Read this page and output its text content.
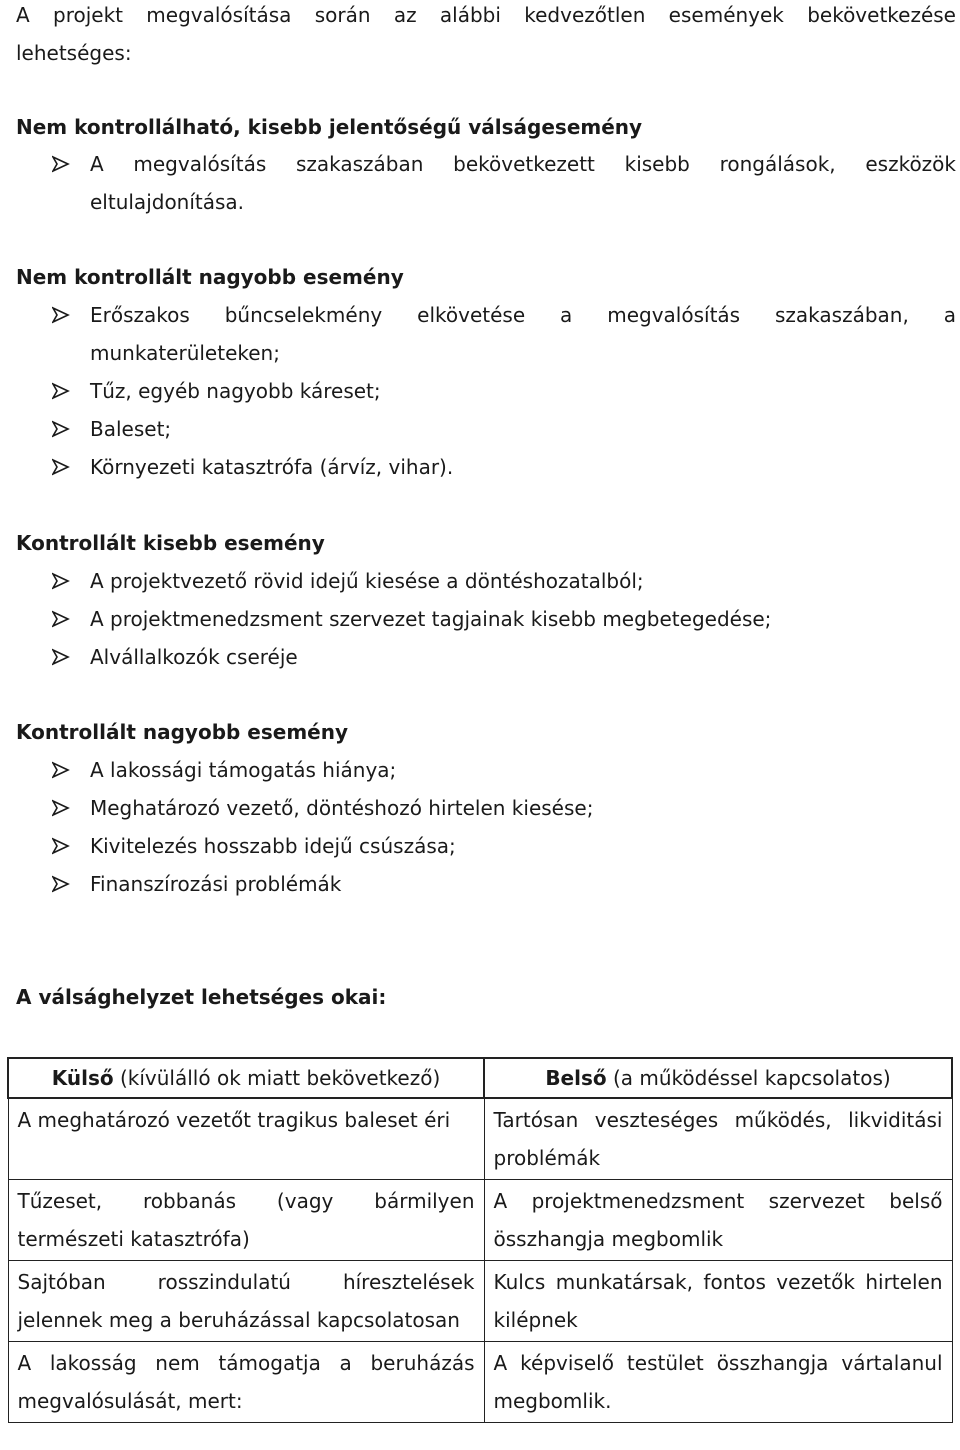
A projekt megvalósítása során az alábbi kedvezőtlen események bekövetkezése
lehetséges:
Nem kontrollálható, kisebb jelentőségű válságesemény
A megvalósítás szakaszában bekövetkezett kisebb rongálások, eszközök
eltulajdonítása.
Nem kontrollált nagyobb esemény
Erőszakos bűncselekmény elkövetése a megvalósítás szakaszában, a
munkaterületeken;
Tűz, egyéb nagyobb káreset;
Baleset;
Környezeti katasztrófa (árvíz, vihar).
Kontrollált kisebb esemény
A projektvezető rövid idejű kiesése a döntéshozatalból;
A projektmenedzsment szervezet tagjainak kisebb megbetegedése;
Alvállalkozók cseréje
Kontrollált nagyobb esemény
A lakossági támogatás hiánya;
Meghatározó vezető, döntéshozó hirtelen kiesése;
Kivitelezés hosszabb idejű csúszása;
Finanszírozási problémák
A válsághelyzet lehetséges okai:
Külső (kívülálló ok miatt bekövetkező)	Belső (a működéssel kapcsolatos)
A meghatározó vezetőt tragikus baleset éri	Tartósan veszteséges működés, likviditási problémák
Tűzeset, robbanás (vagy bármilyen természeti katasztrófa)	A projektmenedzsment szervezet belső összhangja megbomlik
Sajtóban rosszindulatú híresztelések jelennek meg a beruházással kapcsolatosan	Kulcs munkatársak, fontos vezetők hirtelen kilépnek
A lakosság nem támogatja a beruházás megvalósulását, mert:	A képviselő testület összhangja vártalanul megbomlik.
